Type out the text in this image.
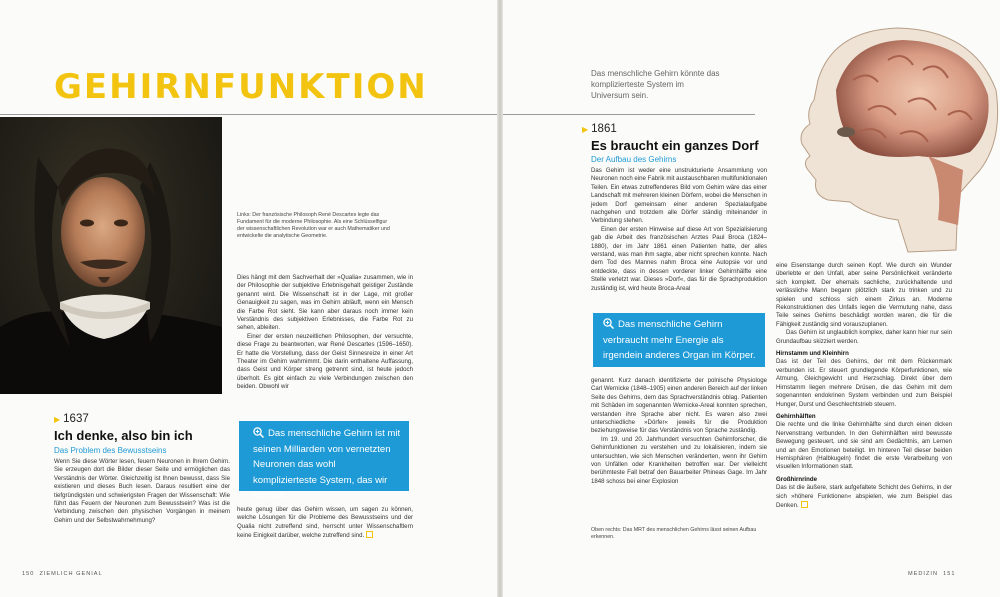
GEHIRNFUNKTION
Links: Der französische Philosoph René Descartes legte das Fundament für die moderne Philosophie. Als eine Schlüsselfigur der wissenschaftlichen Revolution war er auch Mathematiker und entwickelte die analytische Geometrie.
▶ 1637
Ich denke, also bin ich
Das Problem des Bewusstseins

Wenn Sie diese Wörter lesen, feuern Neuronen in Ihrem Gehirn. Sie erzeugen dort die Bilder dieser Seite und ermöglichen das Verständnis der Wörter. Gleichzeitig ist Ihnen bewusst, dass Sie existieren und dieses Buch lesen. Daraus resultiert eine der tiefgründigsten und schwierigsten Fragen der Wissenschaft: Wie führt das Feuern der Neuronen zum Bewusstsein? Was ist die Verbindung zwischen den physischen Vorgängen in meinem Gehirn und der Selbstwahrnehmung?

Dies hängt mit dem Sachverhalt der »Qualia« zusammen, wie in der Philosophie der subjektive Erlebnisgehalt geistiger Zustände genannt wird. Die Wissenschaft ist in der Lage, mit großer Genauigkeit zu sagen, was im Gehirn abläuft, wenn ein Mensch die Farbe Rot sieht. Sie kann aber daraus noch immer kein Verständnis des subjektiven Erlebnisses, die Farbe Rot zu sehen, ableiten.

Einer der ersten neuzeitlichen Philosophen, der versuchte, diese Frage zu beantworten, war René Descartes (1596–1650). Er hatte die Vorstellung, dass der Geist Sinnesreize in einer Art Theater im Gehirn wahrnimmt. Die darin enthaltene Auffassung, dass Geist und Körper streng getrennt sind, ist heute jedoch überholt. Es gibt einfach zu viele Verbindungen zwischen den beiden. Obwohl wir

Das menschliche Gehirn ist mit seinen Milliarden von vernetzten Neuronen das wohl komplizierteste System, das wir kennen.

heute genug über das Gehirn wissen, um sagen zu können, welche Lösungen für die Probleme des Bewusstseins und der Qualia nicht zutreffend sind, herrscht unter Wissenschaftlern keine Einigkeit darüber, welche zutreffend sind.

150 ZIEMLICH GENIAL
Das menschliche Gehirn könnte das komplizierteste System im Universum sein.
▶ 1861
Es braucht ein ganzes Dorf
Der Aufbau des Gehirns

Das Gehirn ist weder eine unstrukturierte Ansammlung von Neuronen noch eine Fabrik mit austauschbaren multifunktionalen Teilen. Ein etwas zutreffenderes Bild vom Gehirn wäre das einer Landschaft mit mehreren kleinen Dörfern, wobei die Menschen in jedem Dorf gemeinsam einer anderen Spezialaufgabe nachgehen und trotzdem alle Dörfer ständig miteinander in Verbindung stehen.

Einen der ersten Hinweise auf diese Art von Spezialisierung gab die Arbeit des französischen Arztes Paul Broca (1824–1880), der im Jahr 1861 einen Patienten hatte, der alles verstand, was man ihm sagte, aber nicht sprechen konnte. Nach dem Tod des Mannes nahm Broca eine Autopsie vor und entdeckte, dass in dessen vorderer linker Gehirnhälfte eine Stelle verletzt war. Dieses »Dorf«, das für die Sprachproduktion zuständig ist, wird heute Broca-Areal

Das menschliche Gehirn verbraucht mehr Energie als irgendein anderes Organ im Körper.

genannt. Kurz danach identifizierte der polnische Physiologe Carl Wernicke (1848–1905) einen anderen Bereich auf der linken Seite des Gehirns, dem das Sprachverständnis oblag. Patienten mit Schäden im sogenannten Wernicke-Areal konnten sprechen, verstanden ihre Sprache aber nicht. Es waren also zwei unterschiedliche »Dörfer« jeweils für die Produktion beziehungsweise für das Verständnis von Sprache zuständig.

Im 19. und 20. Jahrhundert versuchten Gehirnforscher, die Gehirnfunktionen zu verstehen und zu lokalisieren, indem sie untersuchten, wie sich Menschen veränderten, wenn ihr Gehirn von Unfällen oder Krankheiten betroffen war. Der vielleicht berühmteste Fall betraf den Bauarbeiter Phineas Gage. Im Jahr 1848 schoss bei einer Explosion

Oben rechts: Das MRT des menschlichen Gehirns lässt seinen Aufbau erkennen.

eine Eisenstange durch seinen Kopf. Wie durch ein Wunder überlebte er den Unfall, aber seine Persönlichkeit veränderte sich komplett. Der ehemals sachliche, zurückhaltende und verlässliche Mann begann plötzlich stark zu trinken und zu spielen und schloss sich einem Zirkus an. Moderne Rekonstruktionen des Unfalls legen die Vermutung nahe, dass Teile seines Gehirns beschädigt worden waren, die für die Fähigkeit zuständig sind vorauszuplanen.

Das Gehirn ist unglaublich komplex, daher kann hier nur sein Grundaufbau skizziert werden.

Hirnstamm und Kleinhirn

Das ist der Teil des Gehirns, der mit dem Rückenmark verbunden ist. Er steuert grundlegende Körperfunktionen, wie Atmung, Gleichgewicht und Herzschlag. Direkt über dem Hirnstamm liegen mehrere Drüsen, die das Gehirn mit dem sogenannten endokrinen System verbinden und zum Beispiel Hunger, Durst und Geschlechtstrieb steuern.

Gehirnhälften

Die rechte und die linke Gehirnhälfte sind durch einen dicken Nervenstrang verbunden. In den Gehirnhälften wird bewusste Bewegung gesteuert, und sie sind am Gedächtnis, am Lernen und an den Emotionen beteiligt. Im hinteren Teil dieser beiden Hemisphären (Halbkugeln) findet die erste Verarbeitung von visuellen Informationen statt.

Großhirnrinde

Das ist die äußere, stark aufgefaltete Schicht des Gehirns, in der sich »höhere Funktionen« abspielen, wie zum Beispiel das Denken.

MEDIZIN 151
